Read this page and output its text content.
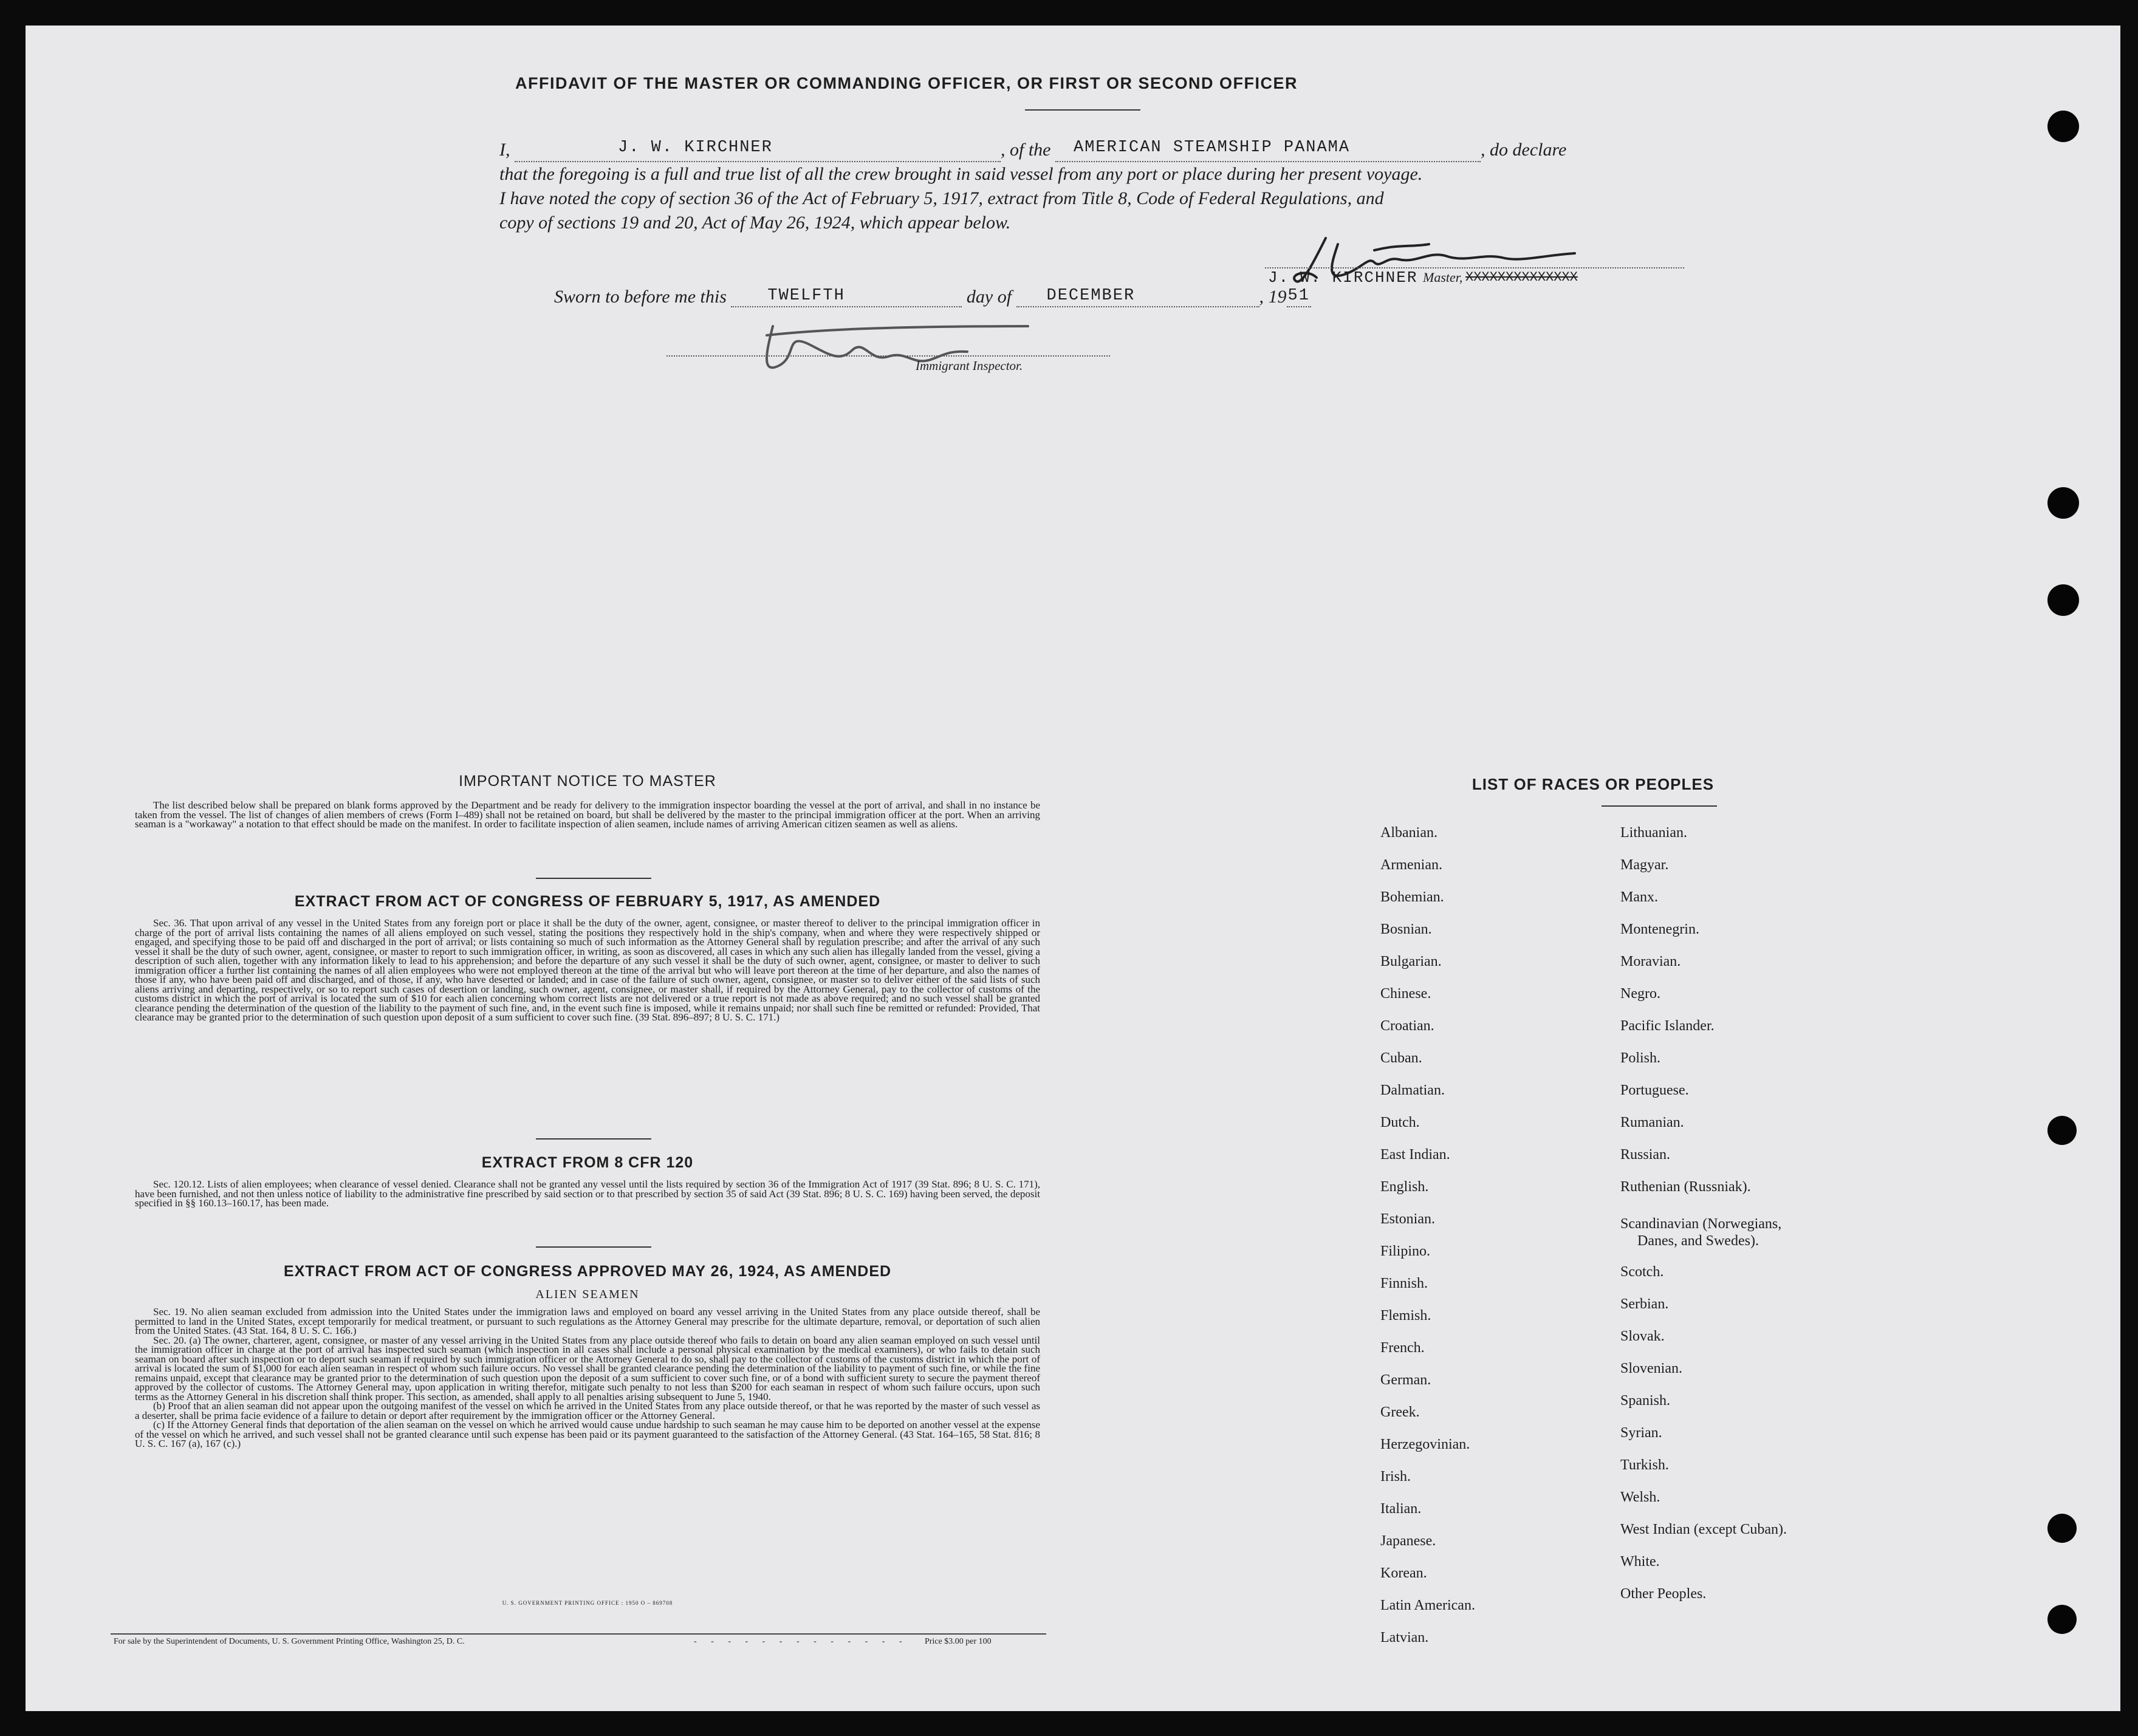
AFFIDAVIT OF THE MASTER OR COMMANDING OFFICER, OR FIRST OR SECOND OFFICER
I,	J. W. KIRCHNER	, of the AMERICAN STEAMSHIP PANAMA	, do declare
that the foregoing is a full and true list of all the crew brought in said vessel from any port or place during her present voyage.
I have noted the copy of section 36 of the Act of February 5, 1917, extract from Title 8, Code of Federal Regulations, and
copy of sections 19 and 20, Act of May 26, 1924, which appear below.
J. W. KIRCHNER Master, XXXXXXXXXXXXXX
Sworn to before me this	TWELFTH	day of DECEMBER	, 19 51
Immigrant Inspector.
IMPORTANT NOTICE TO MASTER

The list described below shall be prepared on blank forms approved by the Department and be ready for delivery to the immigration inspector boarding the vessel at the port of arrival, and shall in no instance be taken from the vessel. The list of changes of alien members of crews (Form I–489) shall not be retained on board, but shall be delivered by the master to the principal immigration officer at the port. When an arriving seaman is a "workaway" a notation to that effect should be made on the manifest. In order to facilitate inspection of alien seamen, include names of arriving American citizen seamen as well as aliens.

EXTRACT FROM ACT OF CONGRESS OF FEBRUARY 5, 1917, AS AMENDED

Sec. 36. That upon arrival of any vessel in the United States from any foreign port or place it shall be the duty of the owner, agent, consignee, or master thereof to deliver to the principal immigration officer in charge of the port of arrival lists containing the names of all aliens employed on such vessel, stating the positions they respectively hold in the ship's company, when and where they were respectively shipped or engaged, and specifying those to be paid off and discharged in the port of arrival; or lists containing so much of such information as the Attorney General shall by regulation prescribe; and after the arrival of any such vessel it shall be the duty of such owner, agent, consignee, or master to report to such immigration officer, in writing, as soon as discovered, all cases in which any such alien has illegally landed from the vessel, giving a description of such alien, together with any information likely to lead to his apprehension; and before the departure of any such vessel it shall be the duty of such owner, agent, consignee, or master to deliver to such immigration officer a further list containing the names of all alien employees who were not employed thereon at the time of the arrival but who will leave port thereon at the time of her departure, and also the names of those if any, who have been paid off and discharged, and of those, if any, who have deserted or landed; and in case of the failure of such owner, agent, consignee, or master so to deliver either of the said lists of such aliens arriving and departing, respectively, or so to report such cases of desertion or landing, such owner, agent, consignee, or master shall, if required by the Attorney General, pay to the collector of customs of the customs district in which the port of arrival is located the sum of $10 for each alien concerning whom correct lists are not delivered or a true report is not made as above required; and no such vessel shall be granted clearance pending the determination of the question of the liability to the payment of such fine, and, in the event such fine is imposed, while it remains unpaid; nor shall such fine be remitted or refunded: Provided, That clearance may be granted prior to the determination of such question upon deposit of a sum sufficient to cover such fine. (39 Stat. 896–897; 8 U. S. C. 171.)

EXTRACT FROM 8 CFR 120

Sec. 120.12. Lists of alien employees; when clearance of vessel denied. Clearance shall not be granted any vessel until the lists required by section 36 of the Immigration Act of 1917 (39 Stat. 896; 8 U. S. C. 171), have been furnished, and not then unless notice of liability to the administrative fine prescribed by said section or to that prescribed by section 35 of said Act (39 Stat. 896; 8 U. S. C. 169) having been served, the deposit specified in §§ 160.13–160.17, has been made.

EXTRACT FROM ACT OF CONGRESS APPROVED MAY 26, 1924, AS AMENDED
ALIEN SEAMEN

Sec. 19. No alien seaman excluded from admission into the United States under the immigration laws and employed on board any vessel arriving in the United States from any place outside thereof, shall be permitted to land in the United States, except temporarily for medical treatment, or pursuant to such regulations as the Attorney General may prescribe for the ultimate departure, removal, or deportation of such alien from the United States. (43 Stat. 164, 8 U. S. C. 166.)

Sec. 20. (a) The owner, charterer, agent, consignee, or master of any vessel arriving in the United States from any place outside thereof who fails to detain on board any alien seaman employed on such vessel until the immigration officer in charge at the port of arrival has inspected such seaman (which inspection in all cases shall include a personal physical examination by the medical examiners), or who fails to detain such seaman on board after such inspection or to deport such seaman if required by such immigration officer or the Attorney General to do so, shall pay to the collector of customs of the customs district in which the port of arrival is located the sum of $1,000 for each alien seaman in respect of whom such failure occurs. No vessel shall be granted clearance pending the determination of the liability to payment of such fine, or while the fine remains unpaid, except that clearance may be granted prior to the determination of such question upon the deposit of a sum sufficient to cover such fine, or of a bond with sufficient surety to secure the payment thereof approved by the collector of customs. The Attorney General may, upon application in writing therefor, mitigate such penalty to not less than $200 for each seaman in respect of whom such failure occurs, upon such terms as the Attorney General in his discretion shall think proper. This section, as amended, shall apply to all penalties arising subsequent to June 5, 1940.

(b) Proof that an alien seaman did not appear upon the outgoing manifest of the vessel on which he arrived in the United States from any place outside thereof, or that he was reported by the master of such vessel as a deserter, shall be prima facie evidence of a failure to detain or deport after requirement by the immigration officer or the Attorney General.

(c) If the Attorney General finds that deportation of the alien seaman on the vessel on which he arrived would cause undue hardship to such seaman he may cause him to be deported on another vessel at the expense of the vessel on which he arrived, and such vessel shall not be granted clearance until such expense has been paid or its payment guaranteed to the satisfaction of the Attorney General. (43 Stat. 164–165, 58 Stat. 816; 8 U. S. C. 167 (a), 167 (c).)

U. S. GOVERNMENT PRINTING OFFICE : 1950 O – 869708
For sale by the Superintendent of Documents, U. S. Government Printing Office, Washington 25, D. C.	- - - - - - - - - - - - - Price $3.00 per 100
LIST OF RACES OR PEOPLES
Albanian.
Armenian.
Bohemian.
Bosnian.
Bulgarian.
Chinese.
Croatian.
Cuban.
Dalmatian.
Dutch.
East Indian.
English.
Estonian.
Filipino.
Finnish.
Flemish.
French.
German.
Greek.
Herzegovinian.
Irish.
Italian.
Japanese.
Korean.
Latin American.
Latvian.
Lithuanian.
Magyar.
Manx.
Montenegrin.
Moravian.
Negro.
Pacific Islander.
Polish.
Portuguese.
Rumanian.
Russian.
Ruthenian (Russniak).
Scandinavian (Norwegians,
Danes, and Swedes).
Scotch.
Serbian.
Slovak.
Slovenian.
Spanish.
Syrian.
Turkish.
Welsh.
West Indian (except Cuban).
White.
Other Peoples.
